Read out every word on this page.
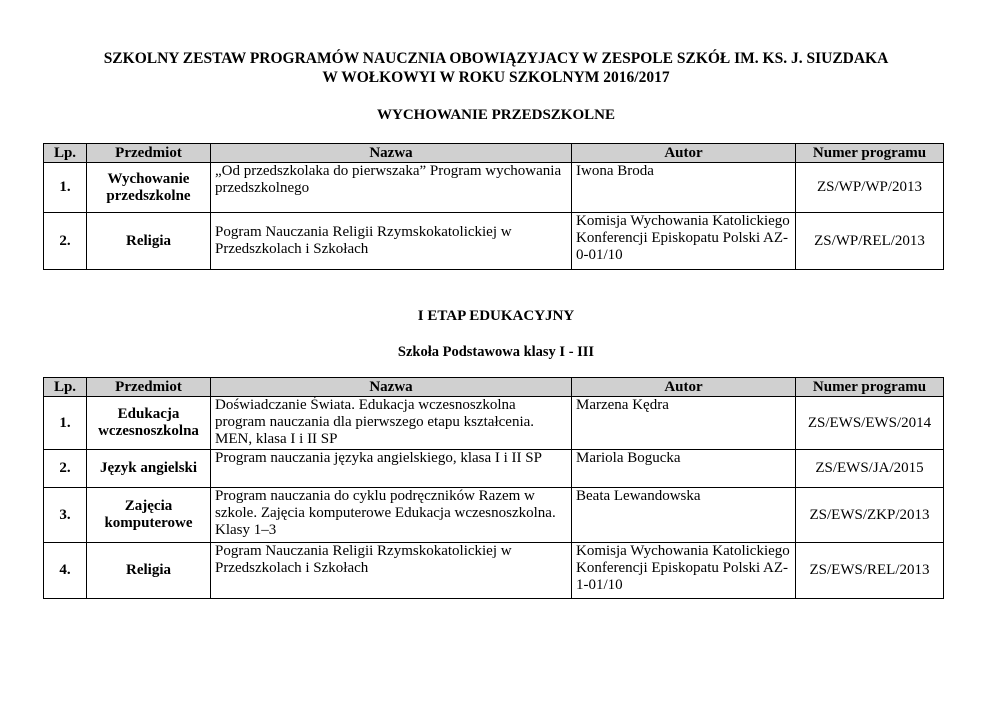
SZKOLNY ZESTAW PROGRAMÓW NAUCZNIA OBOWIĄZYJACY W ZESPOLE SZKÓŁ IM. KS. J. SIUZDAKA

W WOŁKOWYI W ROKU SZKOLNYM 2016/2017

WYCHOWANIE PRZEDSZKOLNE

Lp.	Przedmiot	Nazwa	Autor	Numer programu
1.	Wychowanie przedszkolne	„Od przedszkolaka do pierwszaka” Program wychowania przedszkolnego	Iwona Broda	ZS/WP/WP/2013
2.	Religia	Pogram Nauczania Religii Rzymskokatolickiej w Przedszkolach i Szkołach	Komisja Wychowania Katolickiego Konferencji Episkopatu Polski AZ-0-01/10	ZS/WP/REL/2013

I ETAP EDUKACYJNY

Szkoła Podstawowa klasy I - III

Lp.	Przedmiot	Nazwa	Autor	Numer programu
1.	Edukacja wczesnoszkolna	Doświadczanie Świata. Edukacja wczesnoszkolna program nauczania dla pierwszego etapu kształcenia. MEN, klasa I i II SP	Marzena Kędra	ZS/EWS/EWS/2014
2.	Język angielski	Program nauczania języka angielskiego, klasa I i II SP	Mariola Bogucka	ZS/EWS/JA/2015
3.	Zajęcia komputerowe	Program nauczania do cyklu podręczników Razem w szkole. Zajęcia komputerowe Edukacja wczesnoszkolna. Klasy 1–3	Beata Lewandowska	ZS/EWS/ZKP/2013
4.	Religia	Pogram Nauczania Religii Rzymskokatolickiej w Przedszkolach i Szkołach	Komisja Wychowania Katolickiego Konferencji Episkopatu Polski AZ-1-01/10	ZS/EWS/REL/2013
